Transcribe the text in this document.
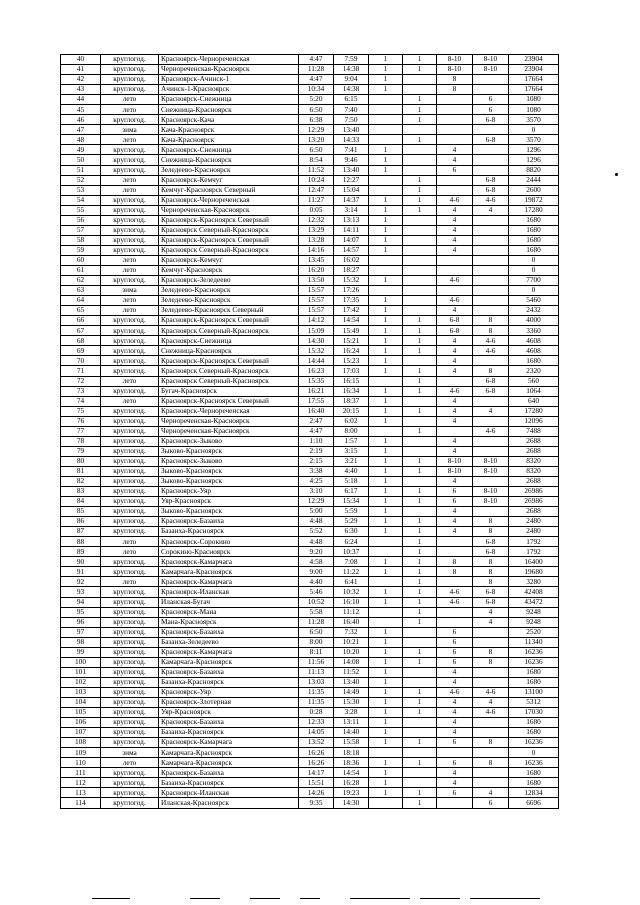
40	круглогод.	Красноярск-Чернореченская	4:47	7:59	1	1	8-10	8-10	23904
41	круглогод.	Чернореченская-Красноярск	11:28	14:38	1	1	8-10	8-10	23904
42	круглогод.	Красноярск-Ачинск-1	4:47	9:04	1		8		17664
43	круглогод.	Ачинск-1-Красноярск	10:34	14:38	1		8		17664
44	лето	Красноярск-Снежница	5:20	6:15		1		6	1080
45	лето	Снежница-Красноярск	6:50	7:40		1		6	1080
46	круглогод.	Красноярск-Кача	6:38	7:50		1		6-8	3570
47	зима	Кача-Красноярск	12:29	13:40					0
48	лето	Кача-Красноярск	13:20	14:33		1		6-8	3570
49	круглогод.	Красноярск-Снежница	6:50	7:41	1		4		1296
50	круглогод.	Снежница-Красноярск	8:54	9:46	1		4		1296
51	круглогод.	Зеледеево-Красноярск	11:52	13:40	1		6		8820
52	лето	Красноярск-Кемчуг	10:24	12:27		1		6-8	2444
53	лето	Кемчуг-Красноярск Северный	12:47	15:04		1		6-8	2600
54	круглогод.	Красноярск-Чернореченская	11:27	14:37	1	1	4-6	4-6	19872
55	круглогод.	Чернореченская-Красноярск	0:05	3:14	1	1	4	4	17280
56	круглогод.	Красноярск-Красноярск Северный	12:32	13:13	1		4		1680
57	круглогод.	Красноярск Северный-Красноярск	13:29	14:11	1		4		1680
58	круглогод.	Красноярск-Красноярск Северный	13:28	14:07	1		4		1680
59	круглогод.	Красноярск Северный-Красноярск	14:16	14:57	1		4		1680
60	лето	Красноярск-Кемчуг	13:45	16:02					0
61	лето	Кемчуг-Красноярск	16:20	18:27					0
62	круглогод.	Красноярск-Зеледеево	13:50	15:32	1		4-6		7700
63	зима	Зеледеево-Красноярск	15:57	17:26					0
64	лето	Зеледеево-Красноярск	15:57	17:35	1		4-6		5460
65	лето	Зеледеево-Красноярск Северный	15:57	17:42	1		4		2432
66	круглогод.	Красноярск-Красноярск Северный	14:12	14:54	1	1	6-8	8	4000
67	круглогод.	Красноярск Северный-Красноярск	15:09	15:49	1	1	6-8	8	3360
68	круглогод.	Красноярск-Снежница	14:30	15:21	1	1	4	4-6	4608
69	круглогод.	Снежница-Красноярск	15:32	16:24	1	1	4	4-6	4608
70	круглогод.	Красноярск-Красноярск Северный	14:44	15:23	1		4		1680
71	круглогод.	Красноярск Северный-Красноярск	16:23	17:03	1	1	4	8	2320
72	лето	Красноярск Северный-Красноярск	15:35	16:15		1		6-8	560
73	круглогод.	Бугач-Красноярск	16:21	16:34	1	1	4-6	6-8	1064
74	лето	Красноярск-Красноярск Северный	17:55	18:37	1		4		640
75	круглогод.	Красноярск-Чернореченская	16:40	20:15	1	1	4	4	17280
76	круглогод.	Чернореченская-Красноярск	2:47	6:02	1		4		12096
77	круглогод.	Чернореченская-Красноярск	4:47	8:00		1		4-6	7488
78	круглогод.	Красноярск-Зыково	1:10	1:57	1		4		2688
79	круглогод.	Зыково-Красноярск	2:19	3:15	1		4		2688
80	круглогод.	Красноярск-Зыково	2:15	3:21	1	1	8-10	8-10	8320
81	круглогод.	Зыково-Красноярск	3:38	4:40	1	1	8-10	8-10	8320
82	круглогод.	Зыково-Красноярск	4:25	5:18	1		4		2688
83	круглогод.	Красноярск-Уяр	3:10	6:17	1	1	6	8-10	26986
84	круглогод.	Уяр-Красноярск	12:29	15:34	1	1	6	8-10	26986
85	круглогод.	Зыково-Красноярск	5:00	5:59	1		4		2688
86	круглогод.	Красноярск-Базаиха	4:48	5:29	1	1	4	8	2480
87	круглогод.	Базаиха-Красноярск	5:52	6:30	1	1	4	8	2480
88	лето	Красноярск-Сорокино	4:48	6:24		1		6-8	1792
89	лето	Сорокино-Красноярск	9:20	10:37		1		6-8	1792
90	круглогод.	Красноярск-Камарчага	4:58	7:08	1	1	8	8	16400
91	круглогод.	Камарчага-Красноярск	9:00	11:22	1	1	8	8	19680
92	лето	Красноярск-Камарчага	4:40	6:41		1		8	3280
93	круглогод.	Красноярск-Иланская	5:46	10:32	1	1	4-6	6-8	42408
94	круглогод.	Иланская-Бугач	10:52	16:10	1	1	4-6	6-8	43472
95	круглогод.	Красноярск-Мана	5:58	11:12		1		4	9248
96	круглогод.	Мана-Красноярск	11:28	16:40		1		4	9248
97	круглогод.	Красноярск-Базаиха	6:50	7:32	1		6		2520
98	круглогод.	Базаиха-Зеледеево	8:00	10:21	1		6		11340
99	круглогод.	Красноярск-Камарчага	8:11	10:20	1	1	6	8	16236
100	круглогод.	Камарчага-Красноярск	11:56	14:08	1	1	6	8	16236
101	круглогод.	Красноярск-Базаиха	11:13	11:52	1		4		1680
102	круглогод.	Базаиха-Красноярск	13:03	13:40	1		4		1680
103	круглогод.	Красноярск-Уяр	11:35	14:49	1	1	4-6	4-6	13100
104	круглогод.	Красноярск-Злотерная	11:35	15:30	1	1	4	4	5312
105	круглогод.	Уяр-Красноярск	0:28	3:28	1	1	4	4-6	17030
106	круглогод.	Красноярск-Базаиха	12:33	13:11	1		4		1680
107	круглогод.	Базаиха-Красноярск	14:05	14:40	1		4		1680
108	круглогод.	Красноярск-Камарчага	13:52	15:58	1	1	6	8	16236
109	зима	Камарчага-Красноярск	16:26	18:18					0
110	лето	Камарчага-Красноярск	16:26	18:36	1	1	6	8	16236
111	круглогод.	Красноярск-Базаиха	14:17	14:54	1		4		1680
112	круглогод.	Базаиха-Красноярск	15:51	16:28	1		4		1680
113	круглогод.	Красноярск-Иланская	14:26	19:23	1	1	6	4	12834
114	круглогод.	Иланская-Красноярск	9:35	14:30		1		6	6696
